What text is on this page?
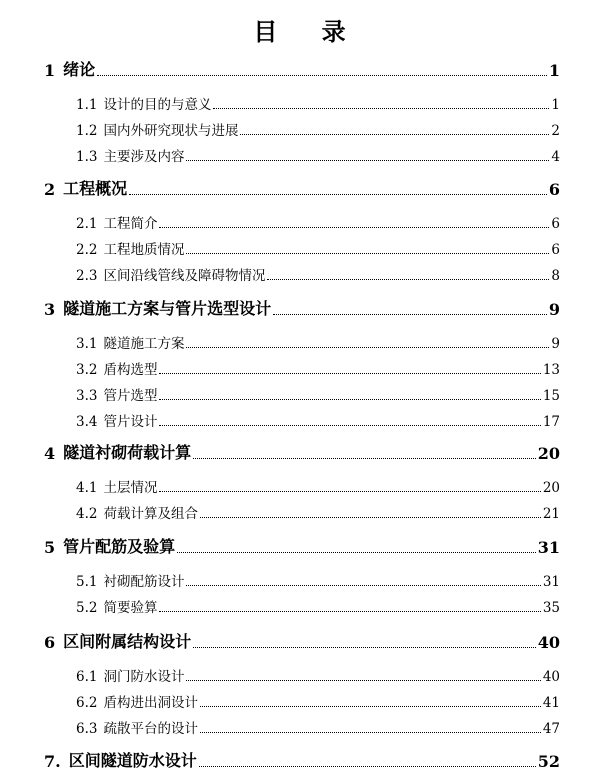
目 录
1 绪论	1
1.1 设计的目的与意义	1
1.2 国内外研究现状与进展	2
1.3 主要涉及内容	4
2 工程概况	6
2.1 工程简介	6
2.2 工程地质情况	6
2.3 区间沿线管线及障碍物情况	8
3 隧道施工方案与管片选型设计	9
3.1 隧道施工方案	9
3.2 盾构选型	13
3.3 管片选型	15
3.4 管片设计	17
4 隧道衬砌荷载计算	20
4.1 土层情况	20
4.2 荷载计算及组合	21
5 管片配筋及验算	31
5.1 衬砌配筋设计	31
5.2 简要验算	35
6 区间附属结构设计	40
6.1 洞门防水设计	40
6.2 盾构进出洞设计	41
6.3 疏散平台的设计	47
7. 区间隧道防水设计	52
